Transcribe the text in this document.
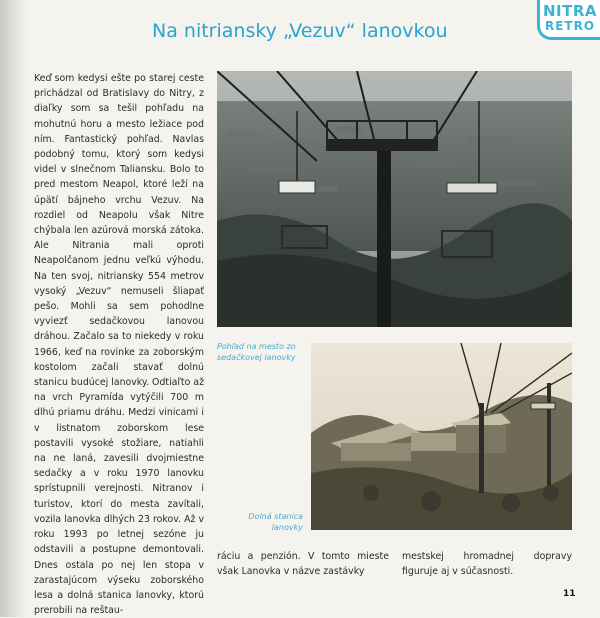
NITRA
RETRO
Na nitriansky „Vezuv“ lanovkou

Keď som kedysi ešte po starej ceste prichádzal od Bratislavy do Nitry, z diaľky som sa tešil pohľadu na mohutnú horu a mesto ležiace pod ním. Fantastický pohľad. Navlas podobný tomu, ktorý som kedysi videl v slnečnom Taliansku. Bolo to pred mestom Neapol, ktoré leží na úpätí bájneho vrchu Vezuv. Na rozdiel od Neapolu však Nitre chýbala len azúrová morská zátoka. Ale Nitrania mali oproti Neapolčanom jednu veľkú výhodu. Na ten svoj, nitriansky 554 metrov vysoký „Vezuv“ nemuseli šliapať pešo. Mohli sa sem pohodlne vyviezť sedačkovou lanovou dráhou. Začalo sa to niekedy v roku 1966, keď na rovinke za zoborským kostolom začali stavať dolnú stanicu budúcej lanovky. Odtiaľto až na vrch Pyramída vytýčili 700 m dlhú priamu dráhu. Medzi vinicami i v listnatom zoborskom lese postavili vysoké stožiare, natiahli na ne laná, zavesili dvojmiestne sedačky a v roku 1970 lanovku sprístupnili verejnosti. Nitranov i turistov, ktorí do mesta zavítali, vozila lanovka dlhých 23 rokov. Až v roku 1993 po letnej sezóne ju odstavili a postupne demontovali. Dnes ostala po nej len stopa v zarastajúcom výseku zoborského lesa a dolná stanica lanovky, ktorú prerobili na reštau-

Pohľad na mesto zo sedačkovej lanovky

Dolná stanica lanovky

ráciu a penzión. V tomto mieste však Lanovka v názve zastávky

mestskej hromadnej dopravy figuruje aj v súčasnosti.

11
